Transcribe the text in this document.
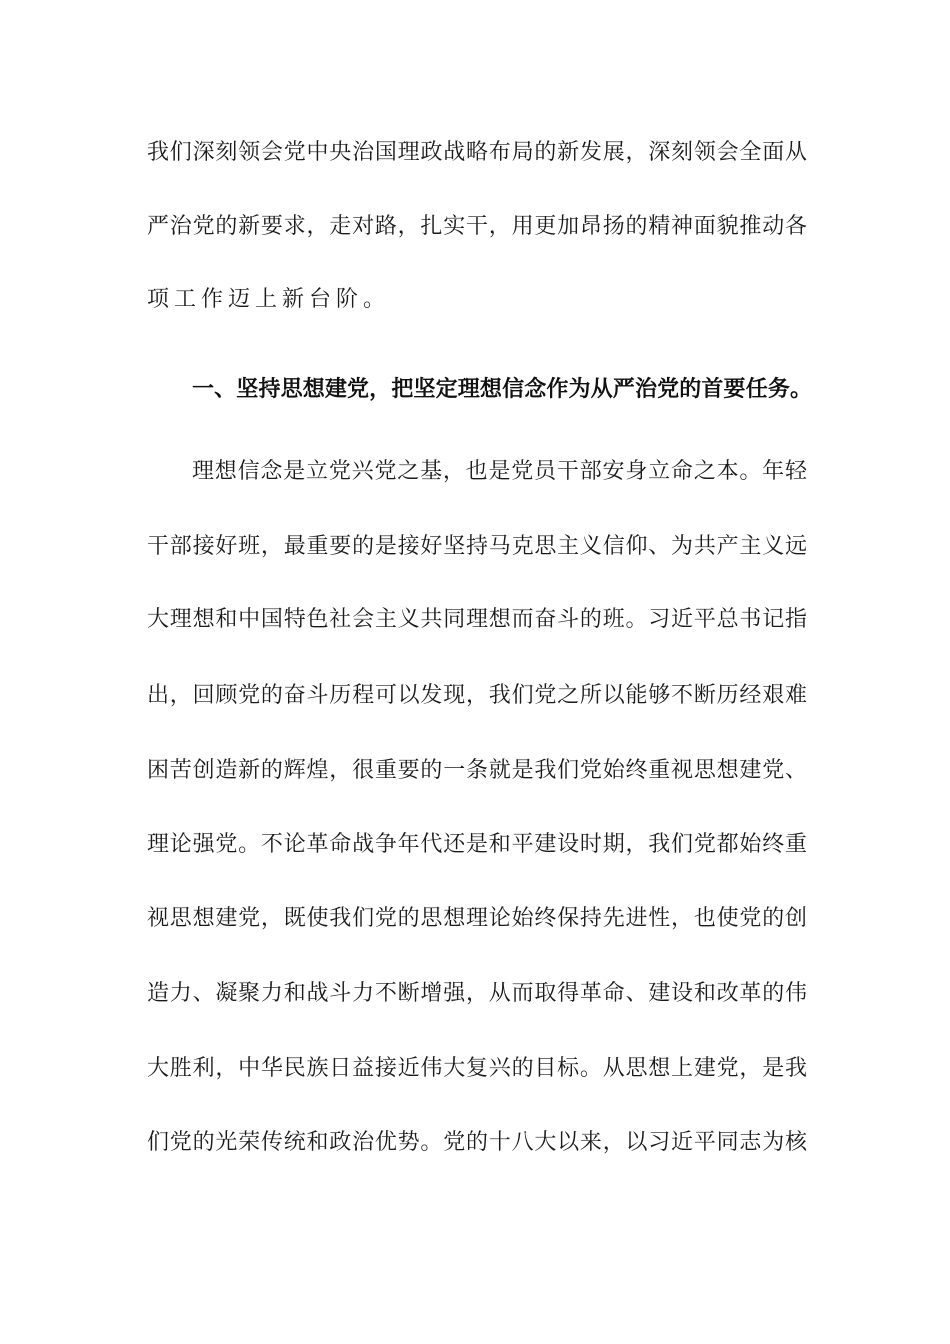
我们深刻领会党中央治国理政战略布局的新发展，深刻领会全面从
严治党的新要求，走对路，扎实干，用更加昂扬的精神面貌推动各
项工作迈上新台阶。
一、坚持思想建党，把坚定理想信念作为从严治党的首要任务。
理想信念是立党兴党之基，也是党员干部安身立命之本。年轻
干部接好班，最重要的是接好坚持马克思主义信仰、为共产主义远
大理想和中国特色社会主义共同理想而奋斗的班。习近平总书记指
出，回顾党的奋斗历程可以发现，我们党之所以能够不断历经艰难
困苦创造新的辉煌，很重要的一条就是我们党始终重视思想建党、
理论强党。不论革命战争年代还是和平建设时期，我们党都始终重
视思想建党，既使我们党的思想理论始终保持先进性，也使党的创
造力、凝聚力和战斗力不断增强，从而取得革命、建设和改革的伟
大胜利，中华民族日益接近伟大复兴的目标。从思想上建党，是我
们党的光荣传统和政治优势。党的十八大以来，以习近平同志为核
